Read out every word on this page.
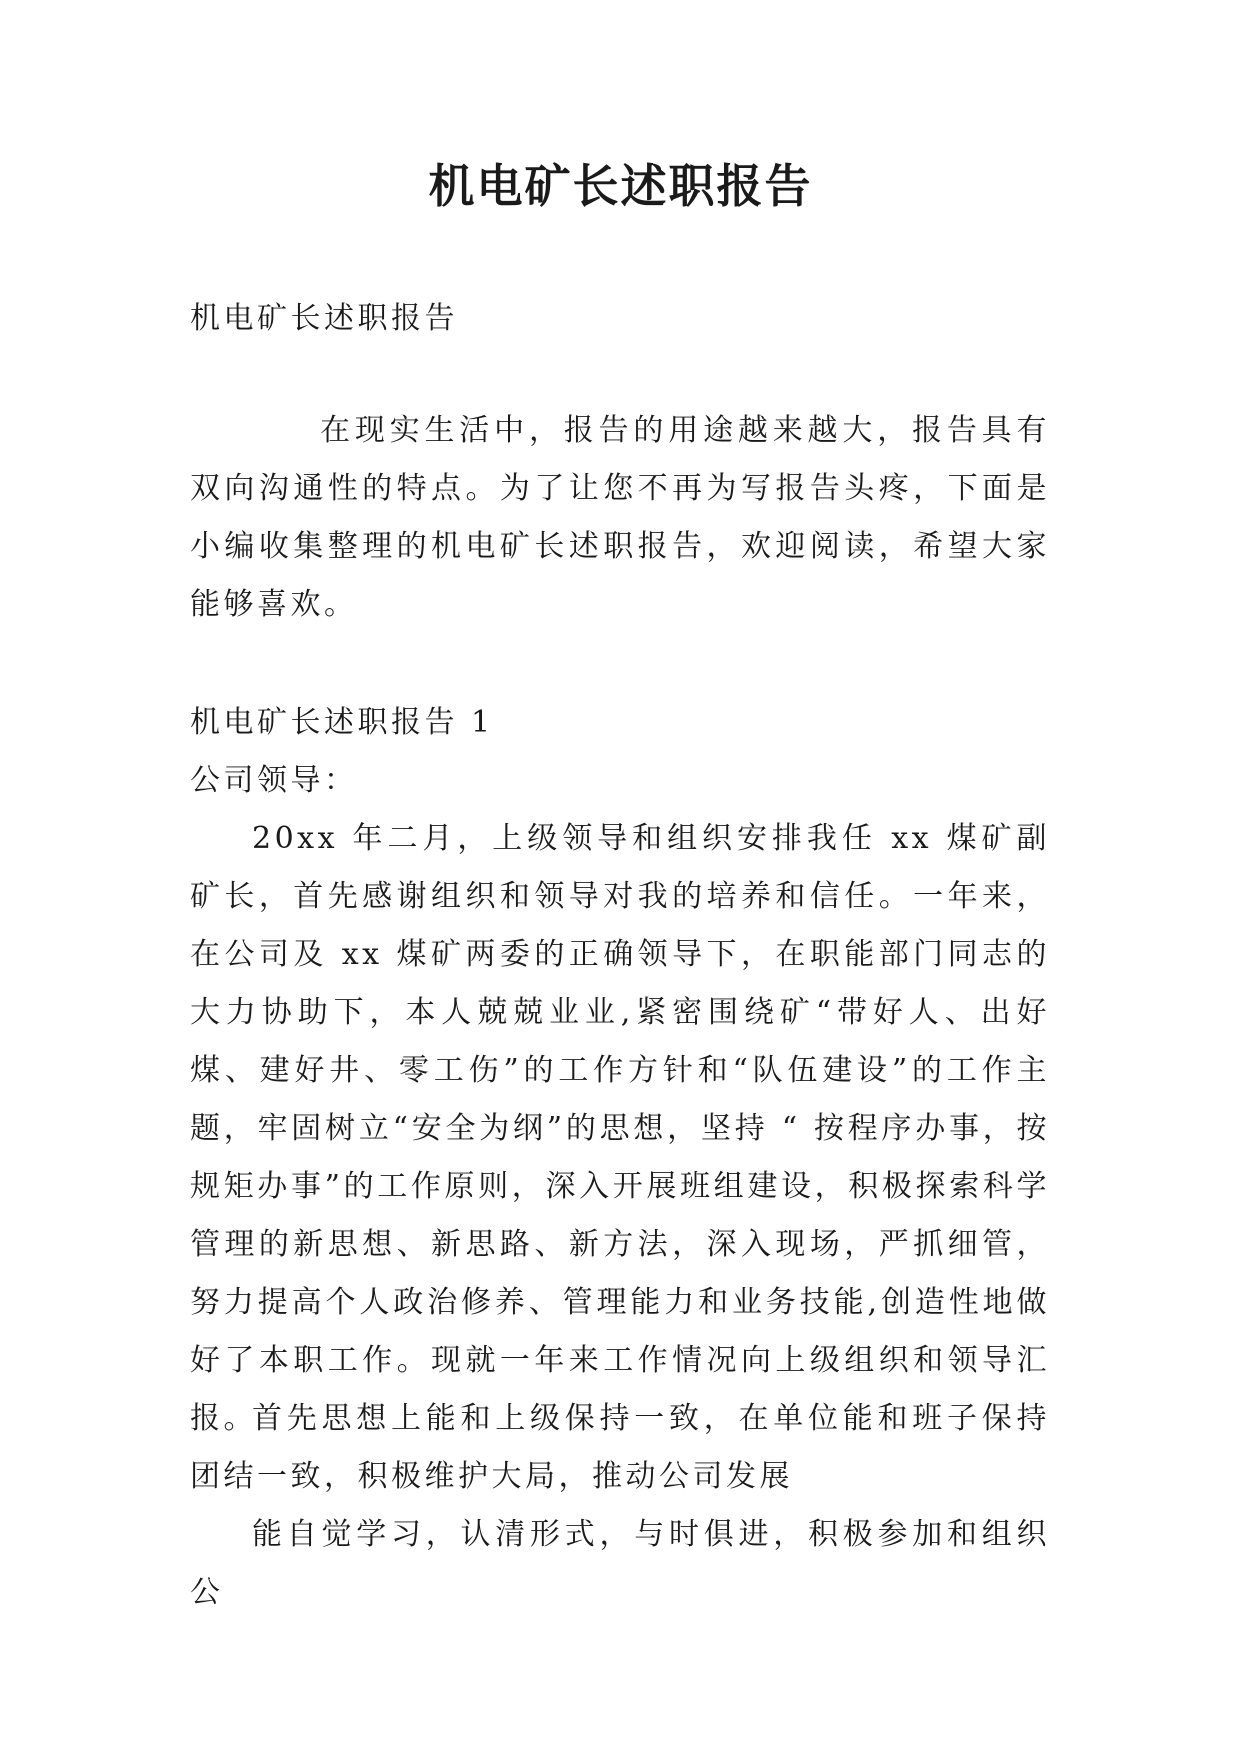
机电矿长述职报告

机电矿长述职报告

在现实生活中，报告的用途越来越大，报告具有双向沟通性的特点。为了让您不再为写报告头疼，下面是小编收集整理的机电矿长述职报告，欢迎阅读，希望大家能够喜欢。

机电矿长述职报告 1

公司领导：

20xx 年二月，上级领导和组织安排我任 xx 煤矿副矿长，首先感谢组织和领导对我的培养和信任。一年来，在公司及 xx 煤矿两委的正确领导下，在职能部门同志的大力协助下，本人兢兢业业,紧密围绕矿“带好人、出好煤、建好井、零工伤”的工作方针和“队伍建设”的工作主题，牢固树立“安全为纲”的思想，坚持 “ 按程序办事，按规矩办事”的工作原则，深入开展班组建设，积极探索科学管理的新思想、新思路、新方法，深入现场，严抓细管，努力提高个人政治修养、管理能力和业务技能,创造性地做好了本职工作。现就一年来工作情况向上级组织和领导汇报。

首先思想上能和上级保持一致，在单位能和班子保持团结一致，积极维护大局，推动公司发展

能自觉学习，认清形式，与时俱进，积极参加和组织公
